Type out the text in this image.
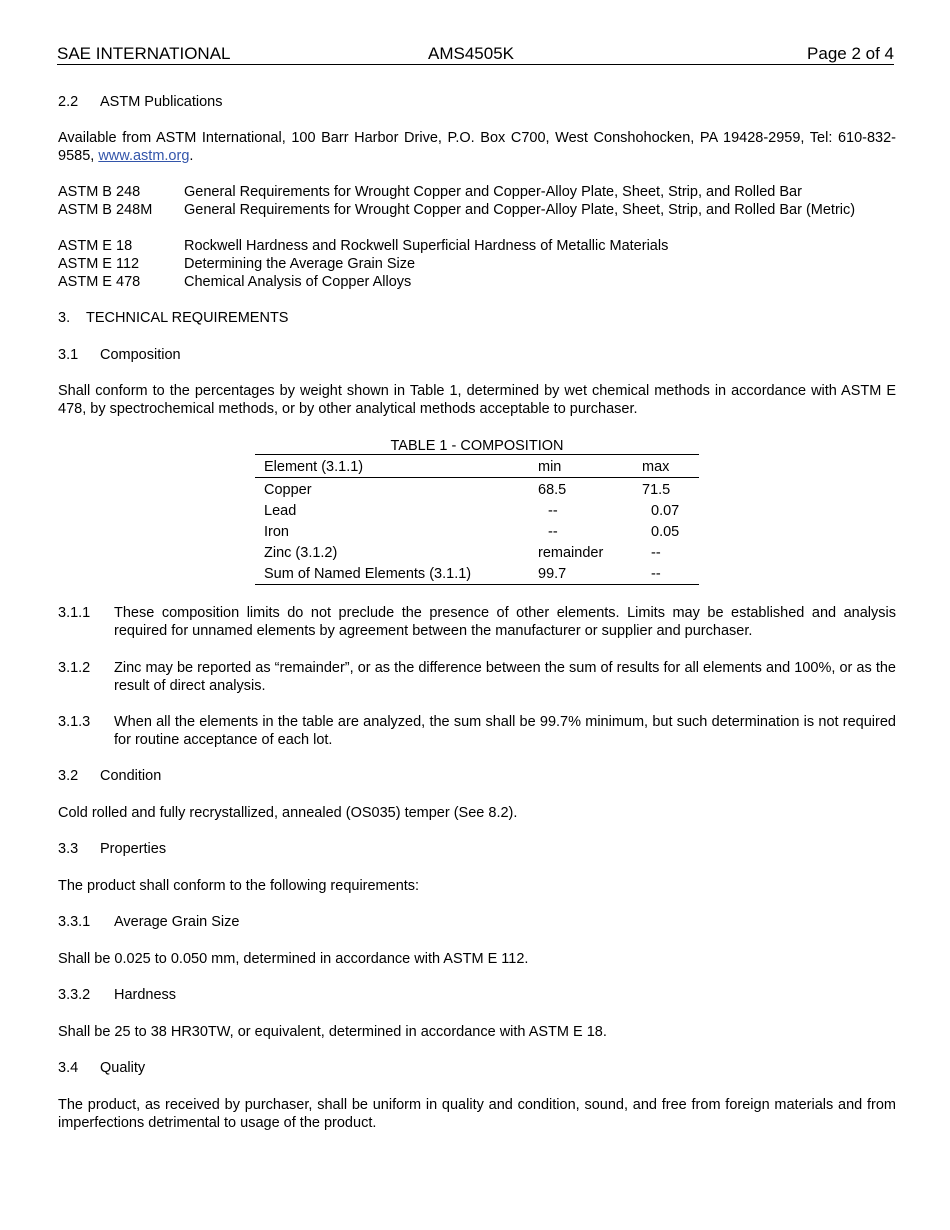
SAE INTERNATIONAL	AMS4505K	Page 2 of 4
2.2 ASTM Publications
Available from ASTM International, 100 Barr Harbor Drive, P.O. Box C700, West Conshohocken, PA 19428-2959, Tel: 610-832-9585, www.astm.org.
ASTM B 248	General Requirements for Wrought Copper and Copper-Alloy Plate, Sheet, Strip, and Rolled Bar
ASTM B 248M General Requirements for Wrought Copper and Copper-Alloy Plate, Sheet, Strip, and Rolled Bar (Metric)
ASTM E 18	Rockwell Hardness and Rockwell Superficial Hardness of Metallic Materials
ASTM E 112	Determining the Average Grain Size
ASTM E 478	Chemical Analysis of Copper Alloys
3. TECHNICAL REQUIREMENTS
3.1 Composition
Shall conform to the percentages by weight shown in Table 1, determined by wet chemical methods in accordance with ASTM E 478, by spectrochemical methods, or by other analytical methods acceptable to purchaser.
TABLE 1 - COMPOSITION
Element (3.1.1)	min	max
Copper	68.5	71.5
Lead	--	0.07
Iron	--	0.05
Zinc (3.1.2)	remainder	--
Sum of Named Elements (3.1.1)	99.7	--
3.1.1 These composition limits do not preclude the presence of other elements. Limits may be established and analysis required for unnamed elements by agreement between the manufacturer or supplier and purchaser.
3.1.2 Zinc may be reported as “remainder”, or as the difference between the sum of results for all elements and 100%, or as the result of direct analysis.
3.1.3 When all the elements in the table are analyzed, the sum shall be 99.7% minimum, but such determination is not required for routine acceptance of each lot.
3.2 Condition
Cold rolled and fully recrystallized, annealed (OS035) temper (See 8.2).
3.3 Properties
The product shall conform to the following requirements:
3.3.1 Average Grain Size
Shall be 0.025 to 0.050 mm, determined in accordance with ASTM E 112.
3.3.2 Hardness
Shall be 25 to 38 HR30TW, or equivalent, determined in accordance with ASTM E 18.
3.4 Quality
The product, as received by purchaser, shall be uniform in quality and condition, sound, and free from foreign materials and from imperfections detrimental to usage of the product.
